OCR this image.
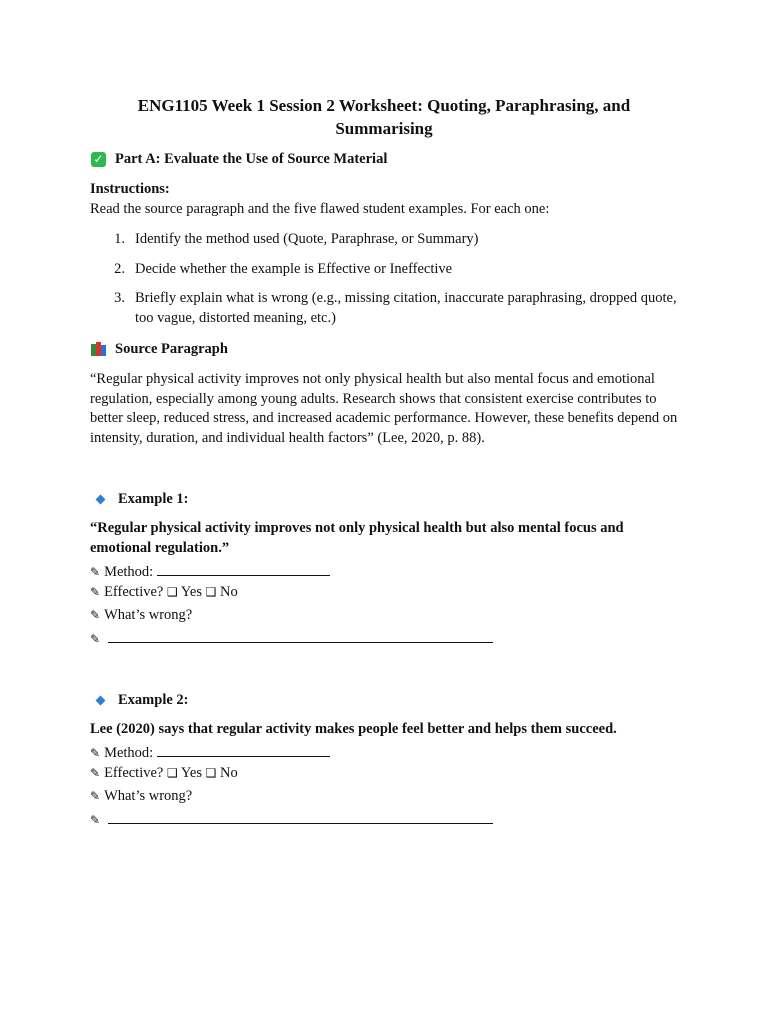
ENG1105 Week 1 Session 2 Worksheet: Quoting, Paraphrasing, and Summarising
✓ Part A: Evaluate the Use of Source Material
Instructions:
Read the source paragraph and the five flawed student examples. For each one:
1. Identify the method used (Quote, Paraphrase, or Summary)
2. Decide whether the example is Effective or Ineffective
3. Briefly explain what is wrong (e.g., missing citation, inaccurate paraphrasing, dropped quote, too vague, distorted meaning, etc.)
Source Paragraph
“Regular physical activity improves not only physical health but also mental focus and emotional regulation, especially among young adults. Research shows that consistent exercise contributes to better sleep, reduced stress, and increased academic performance. However, these benefits depend on intensity, duration, and individual health factors” (Lee, 2020, p. 88).
Example 1:
“Regular physical activity improves not only physical health but also mental focus and emotional regulation.”
✎ Method:
✎ Effective? ❑ Yes ❑ No
✎ What’s wrong?
✎
Example 2:
Lee (2020) says that regular activity makes people feel better and helps them succeed.
✎ Method:
✎ Effective? ❑ Yes ❑ No
✎ What’s wrong?
✎
